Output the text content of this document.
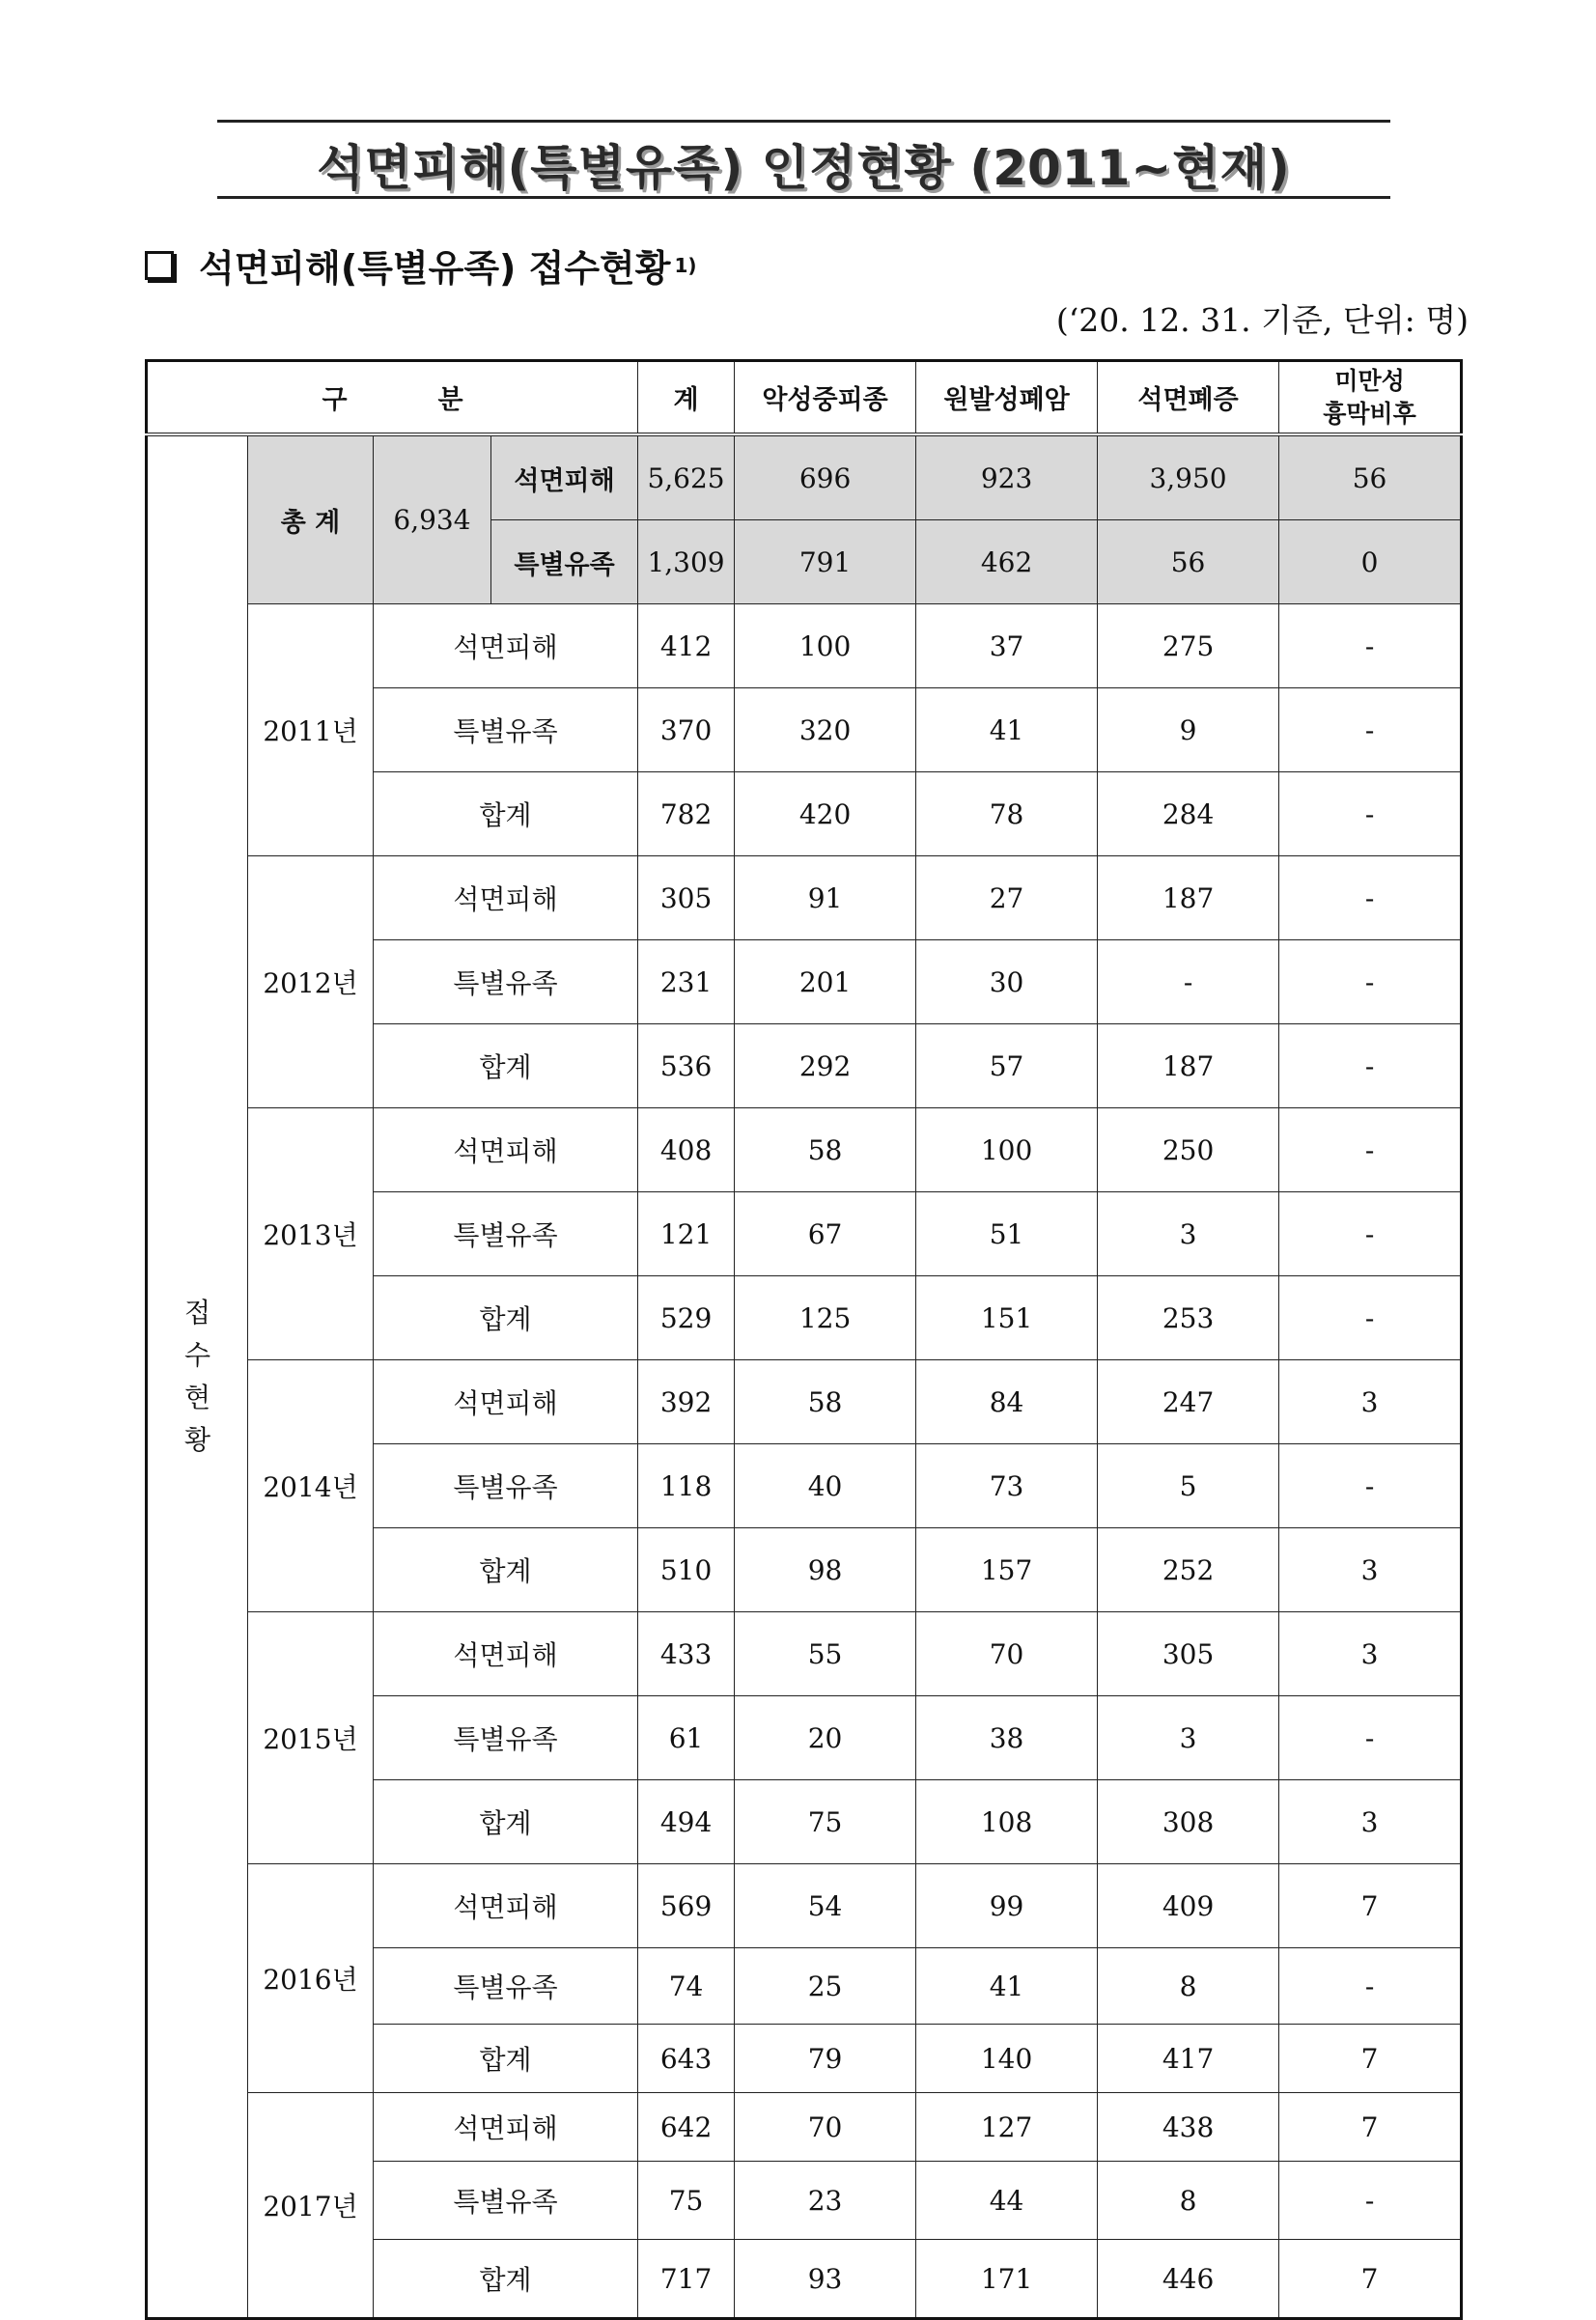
석면피해(특별유족) 인정현황 (2011~현재)
석면피해(특별유족) 접수현황 1)
(‘20. 12. 31. 기준, 단위: 명)
구          분				계	악성중피종	원발성폐암	석면폐증	미만성
흉막비후

접
수
현
황	총 계	6,934	석면피해	5,625	696	923	3,950	56
			특별유족	1,309	791	462	56	0
	2011년	석면피해		412	100	37	275	-
		특별유족		370	320	41	9	-
		합계		782	420	78	284	-
	2012년	석면피해		305	91	27	187	-
		특별유족		231	201	30	-	-
		합계		536	292	57	187	-
	2013년	석면피해		408	58	100	250	-
		특별유족		121	67	51	3	-
		합계		529	125	151	253	-
	2014년	석면피해		392	58	84	247	3
		특별유족		118	40	73	5	-
		합계		510	98	157	252	3
	2015년	석면피해		433	55	70	305	3
		특별유족		61	20	38	3	-
		합계		494	75	108	308	3
	2016년	석면피해		569	54	99	409	7
		특별유족		74	25	41	8	-
		합계		643	79	140	417	7
	2017년	석면피해		642	70	127	438	7
		특별유족		75	23	44	8	-
		합계		717	93	171	446	7
